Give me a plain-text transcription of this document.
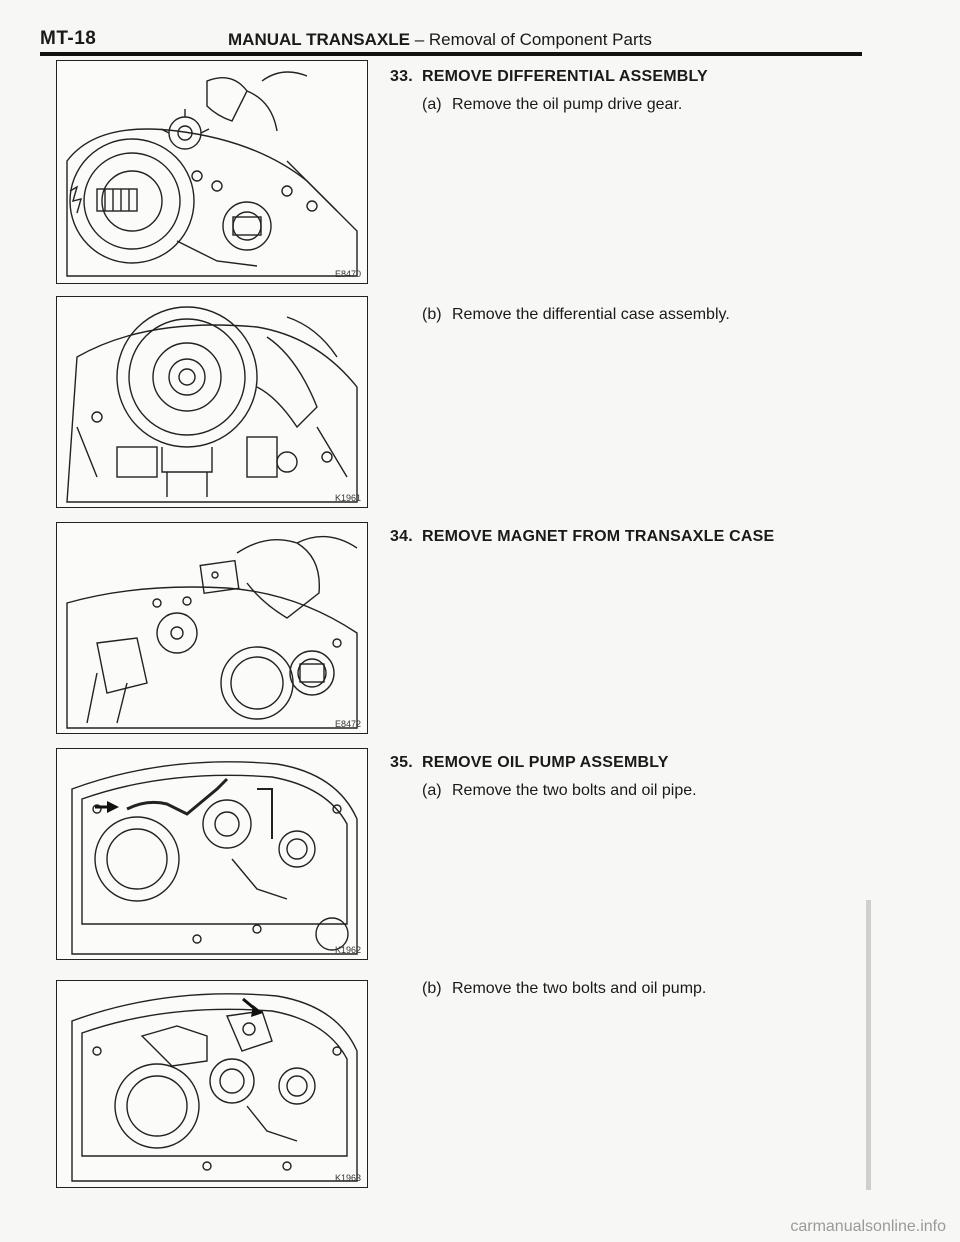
MT-18	MANUAL TRANSAXLE – Removal of Component Parts
E8470
K1961
E8472
K1962
K1963
33. REMOVE DIFFERENTIAL ASSEMBLY
(a) Remove the oil pump drive gear.
(b) Remove the differential case assembly.
34. REMOVE MAGNET FROM TRANSAXLE CASE
35. REMOVE OIL PUMP ASSEMBLY
(a) Remove the two bolts and oil pipe.
(b) Remove the two bolts and oil pump.
carmanualsonline.info
